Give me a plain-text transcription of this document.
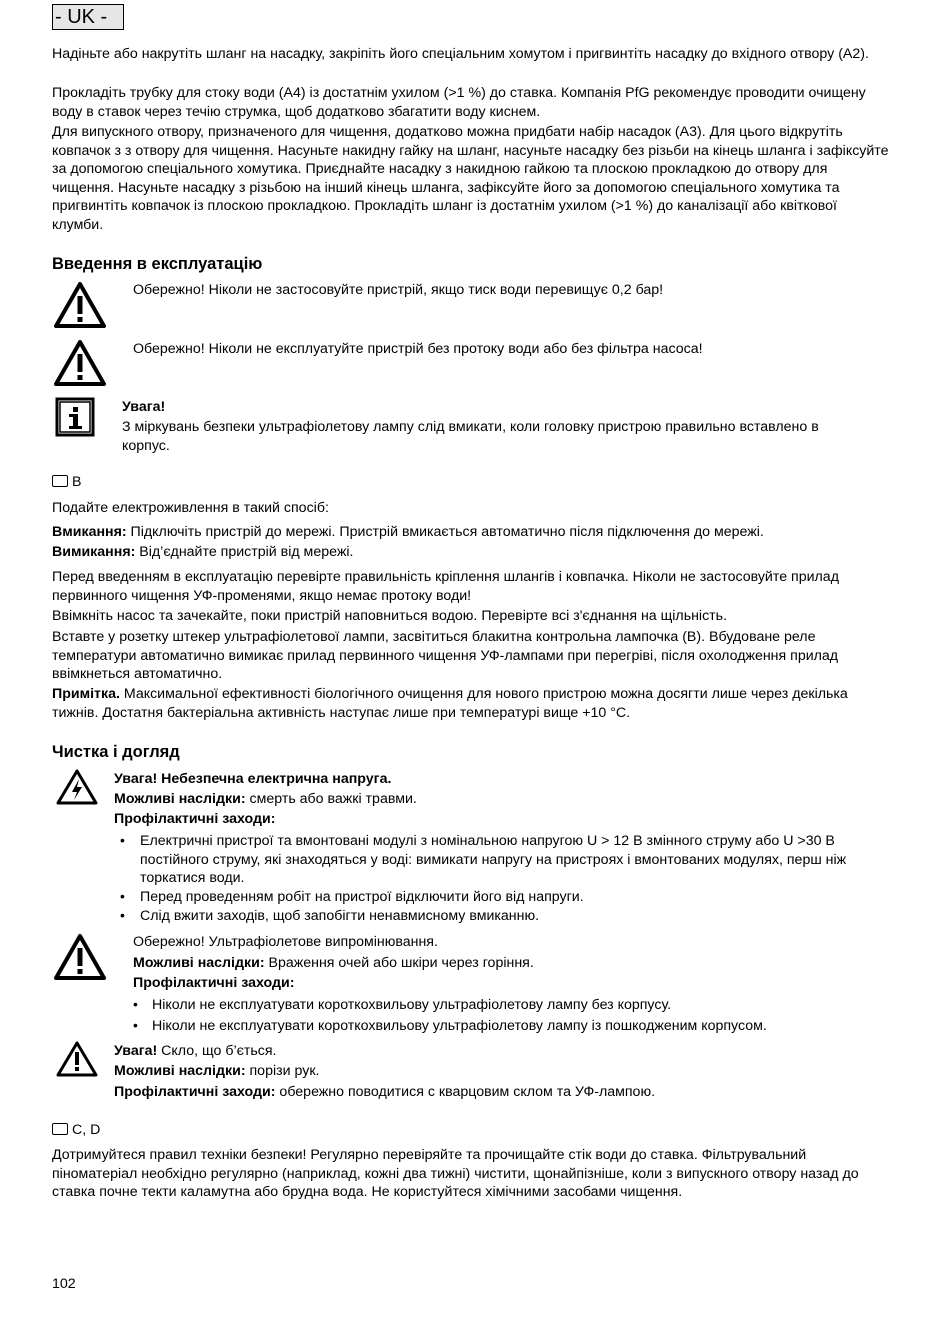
- UK -
Надіньте або накрутіть шланг на насадку, закріпіть його спеціальним хомутом і пригвинтіть насадку до вхідного отвору (A2).
Прокладіть трубку для стоку води (A4) із достатнім ухилом (>1 %) до ставка. Компанія PfG рекомендує проводити очищену воду в ставок через течію струмка, щоб додатково збагатити воду киснем.
Для випускного отвору, призначеного для чищення, додатково можна придбати набір насадок (A3). Для цього відкрутіть ковпачок з з отвору для чищення. Насуньте накидну гайку на шланг, насуньте насадку без різьби на кінець шланга і зафіксуйте за допомогою спеціального хомутика. Приєднайте насадку з накидною гайкою та плоскою прокладкою до отвору для чищення. Насуньте насадку з різьбою на інший кінець шланга, зафіксуйте його за допомогою спеціального хомутика та пригвинтіть ковпачок із плоскою прокладкою. Прокладіть шланг із достатнім ухилом (>1 %) до каналізації або квіткової клумби.
Введення в експлуатацію
Обережно! Ніколи не застосовуйте пристрій, якщо тиск води перевищує 0,2 бар!
Обережно! Ніколи не експлуатуйте пристрій без протоку води або без фільтра насоса!
Увага!
З міркувань безпеки ультрафіолетову лампу слід вмикати, коли головку пристрою правильно вставлено в корпус.
B
Подайте електроживлення в такий спосіб:
Вмикання: Підключіть пристрій до мережі. Пристрій вмикається автоматично після підключення до мережі.
Вимикання: Від’єднайте пристрій від мережі.
Перед введенням в експлуатацію перевірте правильність кріплення шлангів і ковпачка. Ніколи не застосовуйте прилад первинного чищення УФ-променями, якщо немає протоку води!
Ввімкніть насос та зачекайте, поки пристрій наповниться водою. Перевірте всі з'єднання на щільність.
Вставте у розетку штекер ультрафіолетової лампи, засвітиться блакитна контрольна лампочка (B). Вбудоване реле температури автоматично вимикає прилад первинного чищення УФ-лампами при перегріві, після охолодження прилад ввімкнеться автоматично.
Примітка. Максимальної ефективності біологічного очищення для нового пристрою можна досягти лише через декілька тижнів. Достатня бактеріальна активність наступає лише при температурі вище +10 °C.
Чистка і догляд
Увага! Небезпечна електрична напруга.
Можливі наслідки: смерть або важкі травми.
Профілактичні заходи:
• Електричні пристрої та вмонтовані модулі з номінальною напругою U > 12 В змінного струму або U >30 В постійного струму, які знаходяться у воді: вимикати напругу на пристроях і вмонтованих модулях, перш ніж торкатися води.
• Перед проведенням робіт на пристрої відключити його від напруги.
• Слід вжити заходів, щоб запобігти ненавмисному вмиканню.
Обережно! Ультрафіолетове випромінювання.
Можливі наслідки: Враження очей або шкіри через горіння.
Профілактичні заходи:
• Ніколи не експлуатувати короткохвильову ультрафіолетову лампу без корпусу.
• Ніколи не експлуатувати короткохвильову ультрафіолетову лампу із пошкодженим корпусом.
Увага! Скло, що б’ється.
Можливі наслідки: порізи рук.
Профілактичні заходи: обережно поводитися с кварцовим склом та УФ-лампою.
C, D
Дотримуйтеся правил техніки безпеки! Регулярно перевіряйте та прочищайте стік води до ставка. Фільтрувальний піноматеріал необхідно регулярно (наприклад, кожні два тижні) чистити, щонайпізніше, коли з випускного отвору назад до ставка почне текти каламутна або брудна вода. Не користуйтеся хімічними засобами чищення.
102
